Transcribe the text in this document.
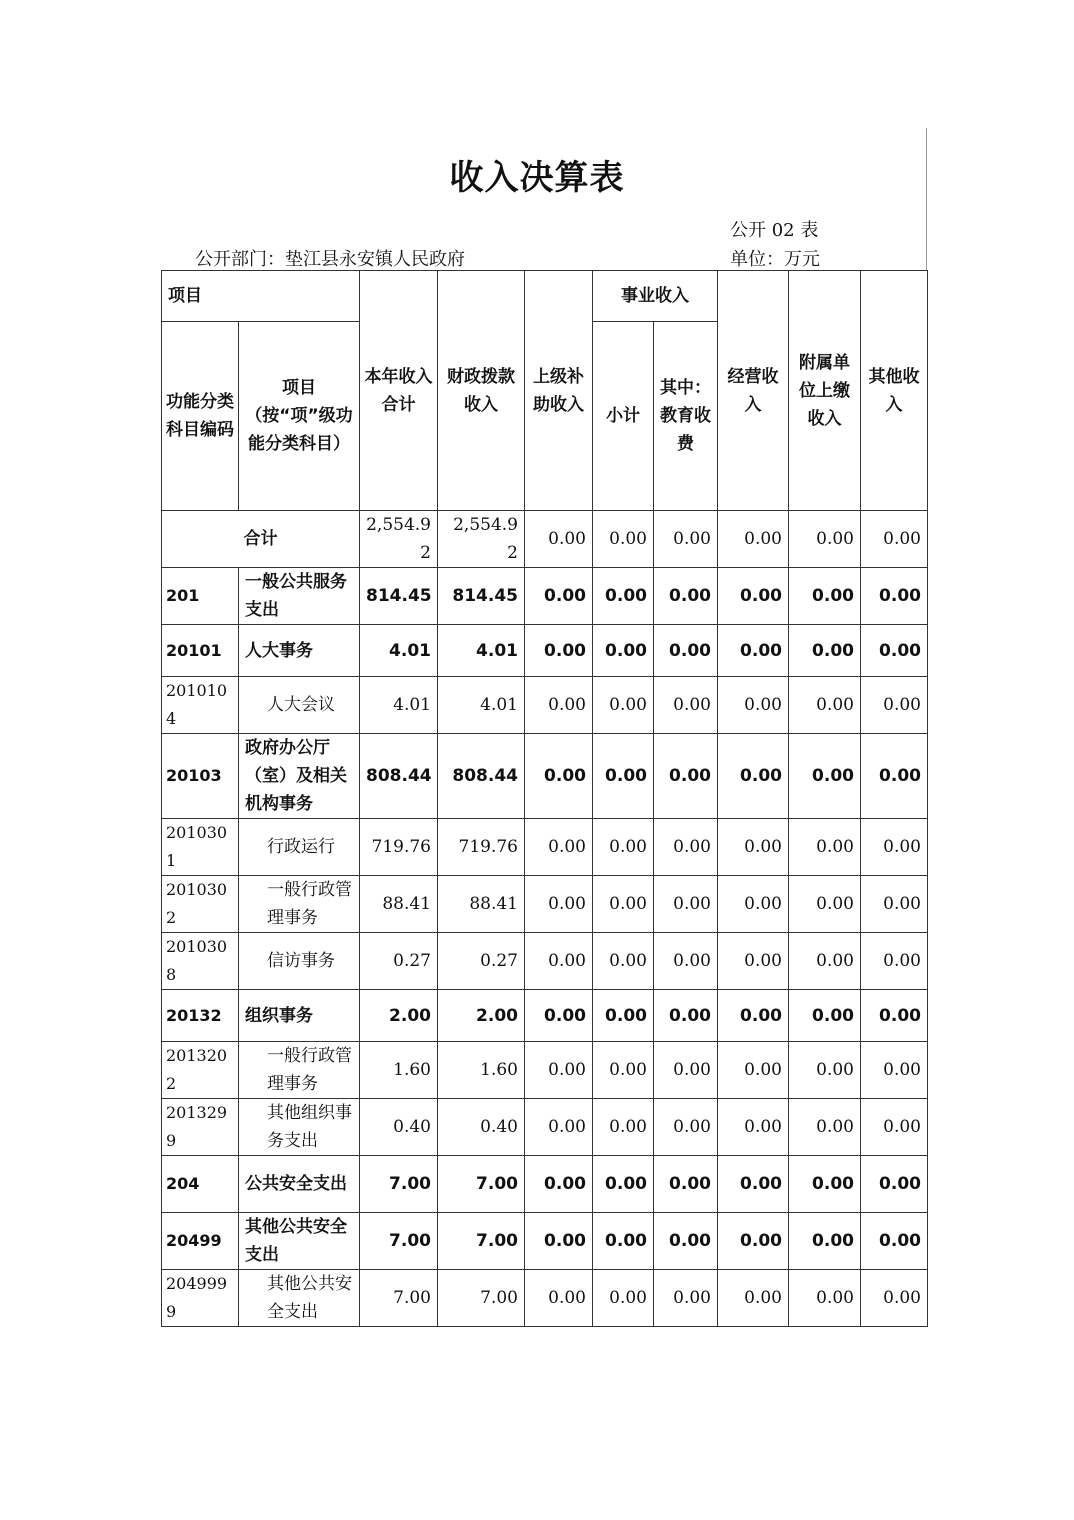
收入决算表
公开 02 表
单位：万元
公开部门：垫江县永安镇人民政府
项目		本年收入合计	财政拨款收入	上级补助收入	事业收入		经营收入	附属单位上缴收入	其他收入
功能分类科目编码	项目（按“项”级功能分类科目）				小计	其中：教育收费			
合计		2,554.92	2,554.92	0.00	0.00	0.00	0.00	0.00	0.00
201	一般公共服务支出	814.45	814.45	0.00	0.00	0.00	0.00	0.00	0.00
20101	人大事务	4.01	4.01	0.00	0.00	0.00	0.00	0.00	0.00
2010104	人大会议	4.01	4.01	0.00	0.00	0.00	0.00	0.00	0.00
20103	政府办公厅（室）及相关机构事务	808.44	808.44	0.00	0.00	0.00	0.00	0.00	0.00
2010301	行政运行	719.76	719.76	0.00	0.00	0.00	0.00	0.00	0.00
2010302	一般行政管理事务	88.41	88.41	0.00	0.00	0.00	0.00	0.00	0.00
2010308	信访事务	0.27	0.27	0.00	0.00	0.00	0.00	0.00	0.00
20132	组织事务	2.00	2.00	0.00	0.00	0.00	0.00	0.00	0.00
2013202	一般行政管理事务	1.60	1.60	0.00	0.00	0.00	0.00	0.00	0.00
2013299	其他组织事务支出	0.40	0.40	0.00	0.00	0.00	0.00	0.00	0.00
204	公共安全支出	7.00	7.00	0.00	0.00	0.00	0.00	0.00	0.00
20499	其他公共安全支出	7.00	7.00	0.00	0.00	0.00	0.00	0.00	0.00
2049999	其他公共安全支出	7.00	7.00	0.00	0.00	0.00	0.00	0.00	0.00
